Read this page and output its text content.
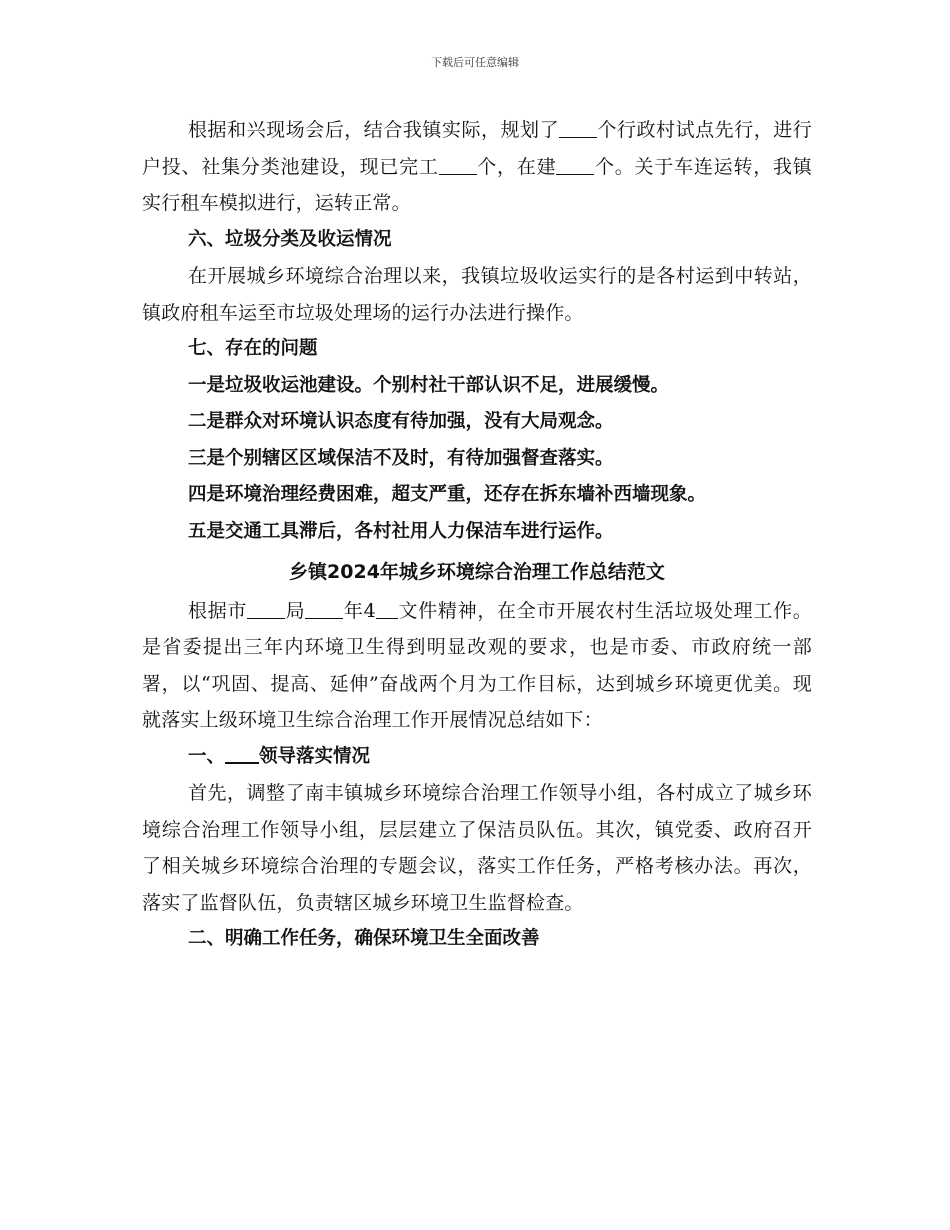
下载后可任意编辑

根据和兴现场会后，结合我镇实际，规划了 个行政村试点先行，进行户投、社集分类池建设，现已完工 个，在建 个。关于车连运转，我镇实行租车模拟进行，运转正常。

六、垃圾分类及收运情况

在开展城乡环境综合治理以来，我镇垃圾收运实行的是各村运到中转站，镇政府租车运至市垃圾处理场的运行办法进行操作。

七、存在的问题

一是垃圾收运池建设。个别村社干部认识不足，进展缓慢。

二是群众对环境认识态度有待加强，没有大局观念。

三是个别辖区区域保洁不及时，有待加强督查落实。

四是环境治理经费困难，超支严重，还存在拆东墙补西墙现象。

五是交通工具滞后，各村社用人力保洁车进行运作。

乡镇2024年城乡环境综合治理工作总结范文

根据市 局 年4 文件精神，在全市开展农村生活垃圾处理工作。是省委提出三年内环境卫生得到明显改观的要求，也是市委、市政府统一部署，以“巩固、提高、延伸”奋战两个月为工作目标，达到城乡环境更优美。现就落实上级环境卫生综合治理工作开展情况总结如下：

一、 领导落实情况

首先，调整了南丰镇城乡环境综合治理工作领导小组，各村成立了城乡环境综合治理工作领导小组，层层建立了保洁员队伍。其次，镇党委、政府召开了相关城乡环境综合治理的专题会议，落实工作任务，严格考核办法。再次，落实了监督队伍，负责辖区城乡环境卫生监督检查。

二、明确工作任务，确保环境卫生全面改善
